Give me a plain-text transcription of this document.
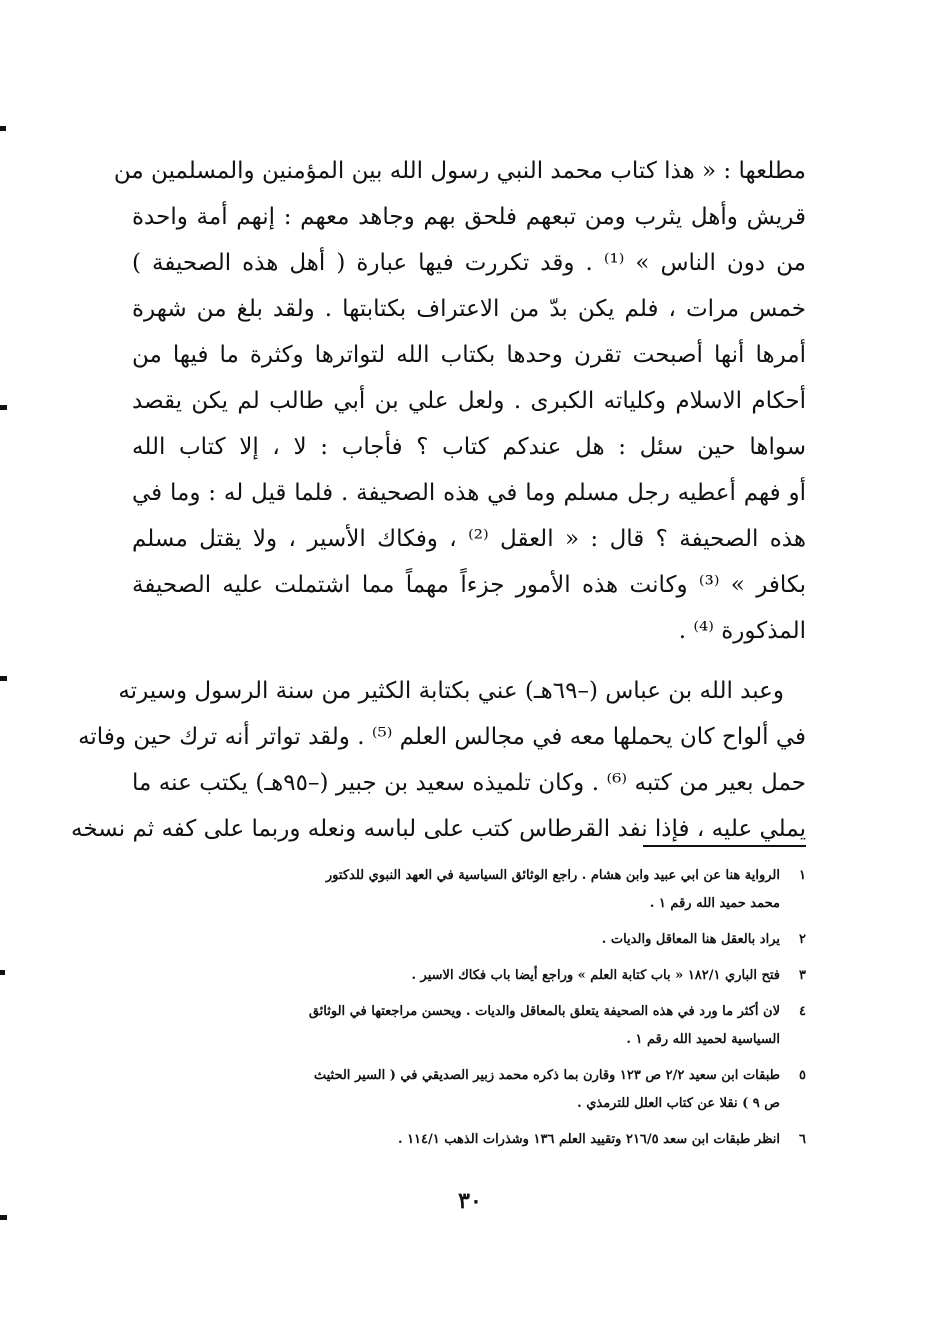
مطلعها : « هذا كتاب محمد النبي رسول الله بين المؤمنين والمسلمين من
قريش وأهل يثرب ومن تبعهم فلحق بهم وجاهد معهم : إنهم أمة واحدة
من دون الناس » ⁽¹⁾ . وقد تكررت فيها عبارة ( أهل هذه الصحيفة )
خمس مرات ، فلم يكن بدّ من الاعتراف بكتابتها . ولقد بلغ من شهرة
أمرها أنها أصبحت تقرن وحدها بكتاب الله لتواترها وكثرة ما فيها من
أحكام الاسلام وكلياته الكبرى . ولعل علي بن أبي طالب لم يكن يقصد
سواها حين سئل : هل عندكم كتاب ؟ فأجاب : لا ، إلا كتاب الله
أو فهم أعطيه رجل مسلم وما في هذه الصحيفة . فلما قيل له : وما في
هذه الصحيفة ؟ قال : « العقل ⁽²⁾ ، وفكاك الأسير ، ولا يقتل مسلم
بكافر » ⁽³⁾ وكانت هذه الأمور جزءاً مهماً مما اشتملت عليه الصحيفة
المذكورة ⁽⁴⁾ .
وعبد الله بن عباس (–٦٩هـ) عني بكتابة الكثير من سنة الرسول وسيرته
في ألواح كان يحملها معه في مجالس العلم ⁽⁵⁾ . ولقد تواتر أنه ترك حين وفاته
حمل بعير من كتبه ⁽⁶⁾ . وكان تلميذه سعيد بن جبير (–٩٥هـ) يكتب عنه ما
يملي عليه ، فإذا نفد القرطاس كتب على لباسه ونعله وربما على كفه ثم نسخه
١
الرواية هنا عن ابي عبيد وابن هشام . راجع الوثائق السياسية في العهد النبوي للدكتور
محمد حميد الله رقم ١ .
٢
يراد بالعقل هنا المعاقل والديات .
٣
فتح الباري ١٨٢/١ « باب كتابة العلم » وراجع أيضا باب فكاك الاسير .
٤
لان أكثر ما ورد في هذه الصحيفة يتعلق بالمعاقل والديات . ويحسن مراجعتها في الوثائق
السياسية لحميد الله رقم ١ .
٥
طبقات ابن سعيد ٢/٢ ص ١٢٣ وقارن بما ذكره محمد زبير الصديقي في ( السير الحثيث
ص ٩ ) نقلا عن كتاب العلل للترمذي .
٦
انظر طبقات ابن سعد ٢١٦/٥ وتقييد العلم ١٣٦ وشذرات الذهب ١١٤/١ .
٣٠
